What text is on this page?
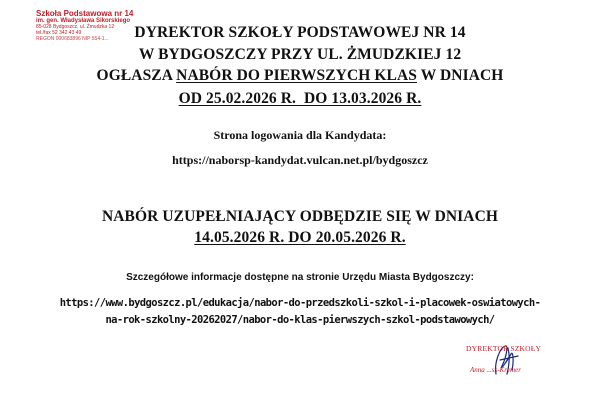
Szkoła Podstawowa nr 14
im. gen. Władysława Sikorskiego
85-028 Bydgoszcz, ul. Żmudzka 12
tel./fax 52 342 43 49
REGON 000683896 NIP 554-1...	DYREKTOR SZKOŁY PODSTAWOWEJ NR 14
W BYDGOSZCZY PRZY UL. ŻMUDZKIEJ 12
OGŁASZA NABÓR DO PIERWSZYCH KLAS W DNIACH
OD 25.02.2026 R.  DO 13.03.2026 R.
Strona logowania dla Kandydata:
https://naborsp-kandydat.vulcan.net.pl/bydgoszcz
NABÓR UZUPEŁNIAJĄCY ODBĘDZIE SIĘ W DNIACH
14.05.2026 R. DO 20.05.2026 R.
Szczegółowe informacje dostępne na stronie Urzędu Miasta Bydgoszczy:
https://www.bydgoszcz.pl/edukacja/nabor-do-przedszkoli-szkol-i-placowek-oswiatowych-
na-rok-szkolny-20262027/nabor-do-klas-pierwszych-szkol-podstawowych/
DYREKTOR SZKOŁY
Anna ...ss-Krymer
